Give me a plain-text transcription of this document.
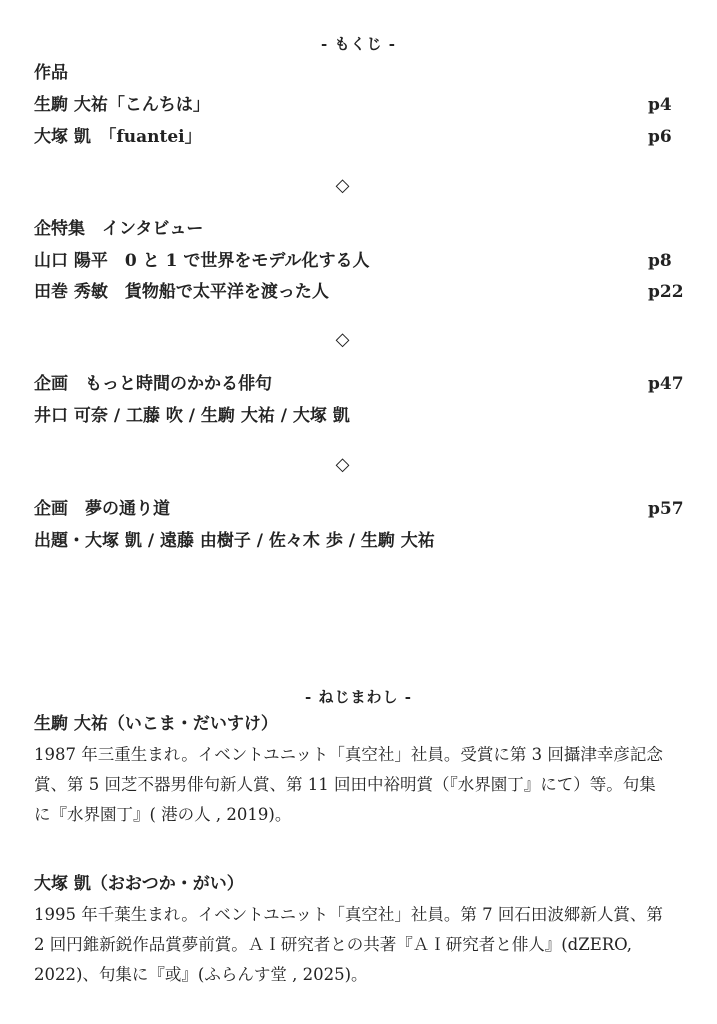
- もくじ -
作品
生駒 大祐「こんちは」	p4
大塚 凱　「fuantei」	p6
◇
企特集　インタビュー
山口 陽平　0 と 1 で世界をモデル化する人	p8
田巻 秀敏　貨物船で太平洋を渡った人	p22
◇
企画　もっと時間のかかる俳句	p47
井口 可奈 / 工藤 吹 / 生駒 大祐 / 大塚 凱
◇
企画　夢の通り道	p57
出題・大塚 凱 / 遠藤 由樹子 / 佐々木 歩 / 生駒 大祐
- ねじまわし -
生駒 大祐（いこま・だいすけ）
1987 年三重生まれ。イベントユニット「真空社」社員。受賞に第 3 回攝津幸彦記念賞、第 5 回芝不器男俳句新人賞、第 11 回田中裕明賞（『水界園丁』にて）等。句集に『水界園丁』( 港の人 , 2019)。
大塚 凱（おおつか・がい）
1995 年千葉生まれ。イベントユニット「真空社」社員。第 7 回石田波郷新人賞、第 2 回円錐新鋭作品賞夢前賞。ＡＩ研究者との共著『ＡＩ研究者と俳人』(dZERO, 2022)、句集に『或』(ふらんす堂 , 2025)。
